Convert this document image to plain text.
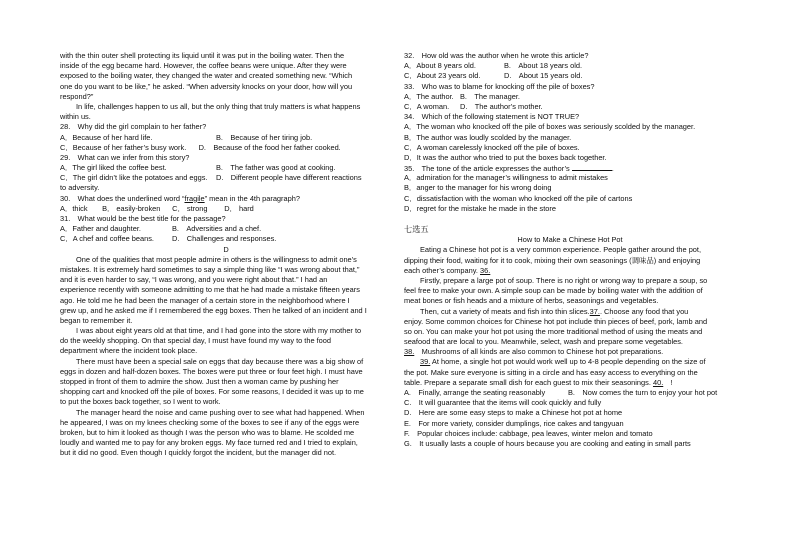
with the thin outer shell protecting its liquid until it was put in the boiling water. Then the
inside of the egg became hard. However, the coffee beans were unique. After they were
exposed to the boiling water, they changed the water and created something new. “Which
one do you want to be like,” he asked. “When adversity knocks on your door, how will you
respond?”
In life, challenges happen to us all, but the only thing that truly matters is what happens
within us.
28.　Why did the girl complain to her father?
A．Because of her hard life.	B.　Because of her tiring job.
C．Because of her father’s busy work. D.　Because of the food her father cooked.
29.　What can we infer from this story?
A．The girl liked the coffee best.	B.　The father was good at cooking.
C．The girl didn’t like the potatoes and eggs.	D.　Different people have different reactions
to adversity.
30.　What does the underlined word “fragile” mean in the 4th paragraph?
A．thick B． easily-broken C． strong D． hard
31.　What would be the best title for the passage?
A．Father and daughter.	B.　Adversities and a chef.
C．A chef and coffee beans.	D.　Challenges and responses.
D
One of the qualities that most people admire in others is the willingness to admit one’s
mistakes. It is extremely hard sometimes to say a simple thing like “I was wrong about that,”
and it is even harder to say, “I was wrong, and you were right about that.” I had an
experience recently with someone admitting to me that he had made a mistake fifteen years
ago. He told me he had been the manager of a certain store in the neighborhood where I
grew up, and he asked me if I remembered the egg boxes. Then he talked of an incident and I
began to remember it.
I was about eight years old at that time, and I had gone into the store with my mother to
do the weekly shopping. On that special day, I must have found my way to the food
department where the incident took place.
There must have been a special sale on eggs that day because there was a big show of
eggs in dozen and half-dozen boxes. The boxes were put three or four feet high. I must have
stopped in front of them to admire the show. Just then a woman came by pushing her
shopping cart and knocked off the pile of boxes. For some reasons, I decided it was up to me
to put the boxes back together, so I went to work.
The manager heard the noise and came pushing over to see what had happened. When
he appeared, I was on my knees checking some of the boxes to see if any of the eggs were
broken, but to him it looked as though I was the person who was to blame. He scolded me
loudly and wanted me to pay for any broken eggs. My face turned red and I tried to explain,
but it did no good. Even though I quickly forgot the incident, but the manager did not.
32.　How old was the author when he wrote this article?
A．About 8 years old.	B.　About 18 years old.
C．About 23 years old.	D.　About 15 years old.
33.　Who was to blame for knocking off the pile of boxes?
A．The author. B.　The manager.
C．A woman.	D.　The author’s mother.
34.　Which of the following statement is NOT TRUE?
A．The woman who knocked off the pile of boxes was seriously scolded by the manager.
B．The author was loudly scolded by the manager.
C．A woman carelessly knocked off the pile of boxes.
D．It was the author who tried to put the boxes back together.
35.　The tone of the article expresses the author’s	.
A．admiration for the manager’s willingness to admit mistakes
B．anger to the manager for his wrong doing
C．dissatisfaction with the woman who knocked off the pile of cartons
D．regret for the mistake he made in the store
七选五
How to Make a Chinese Hot Pot
Eating a Chinese hot pot is a very common experience. People gather around the pot,
dipping their food, waiting for it to cook, mixing their own seasonings (调味品) and enjoying
each other’s company. 36.
Firstly, prepare a large pot of soup. There is no right or wrong way to prepare a soup, so
feel free to make your own. A simple soup can be made by boiling water with the addition of
meat bones or fish heads and a mixture of herbs, seasonings and vegetables.
Then, cut a variety of meats and fish into thin slices.37.. Choose any food that you
enjoy. Some common choices for Chinese hot pot include thin pieces of beef, pork, lamb and
so on. You can make your hot pot using the more traditional method of using the meats and
seafood that are local to you. Meanwhile, select, wash and prepare some vegetables.
38.　Mushrooms of all kinds are also common to Chinese hot pot preparations.
39. At home, a single hot pot would work well up to 4-8 people depending on the size of
the pot. Make sure everyone is sitting in a circle and has easy access to everything on the
table. Prepare a separate small dish for each guest to mix their seasonings. 40.　!
A.　Finally, arrange the seating reasonably	B.　Now comes the turn to enjoy your hot pot
C.　It will guarantee that the items will cook quickly and fully
D.　Here are some easy steps to make a Chinese hot pot at home
E.　For more variety, consider dumplings, rice cakes and tangyuan
F.　Popular choices include: cabbage, pea leaves, winter melon and tomato
G.　It usually lasts a couple of hours because you are cooking and eating in small parts
